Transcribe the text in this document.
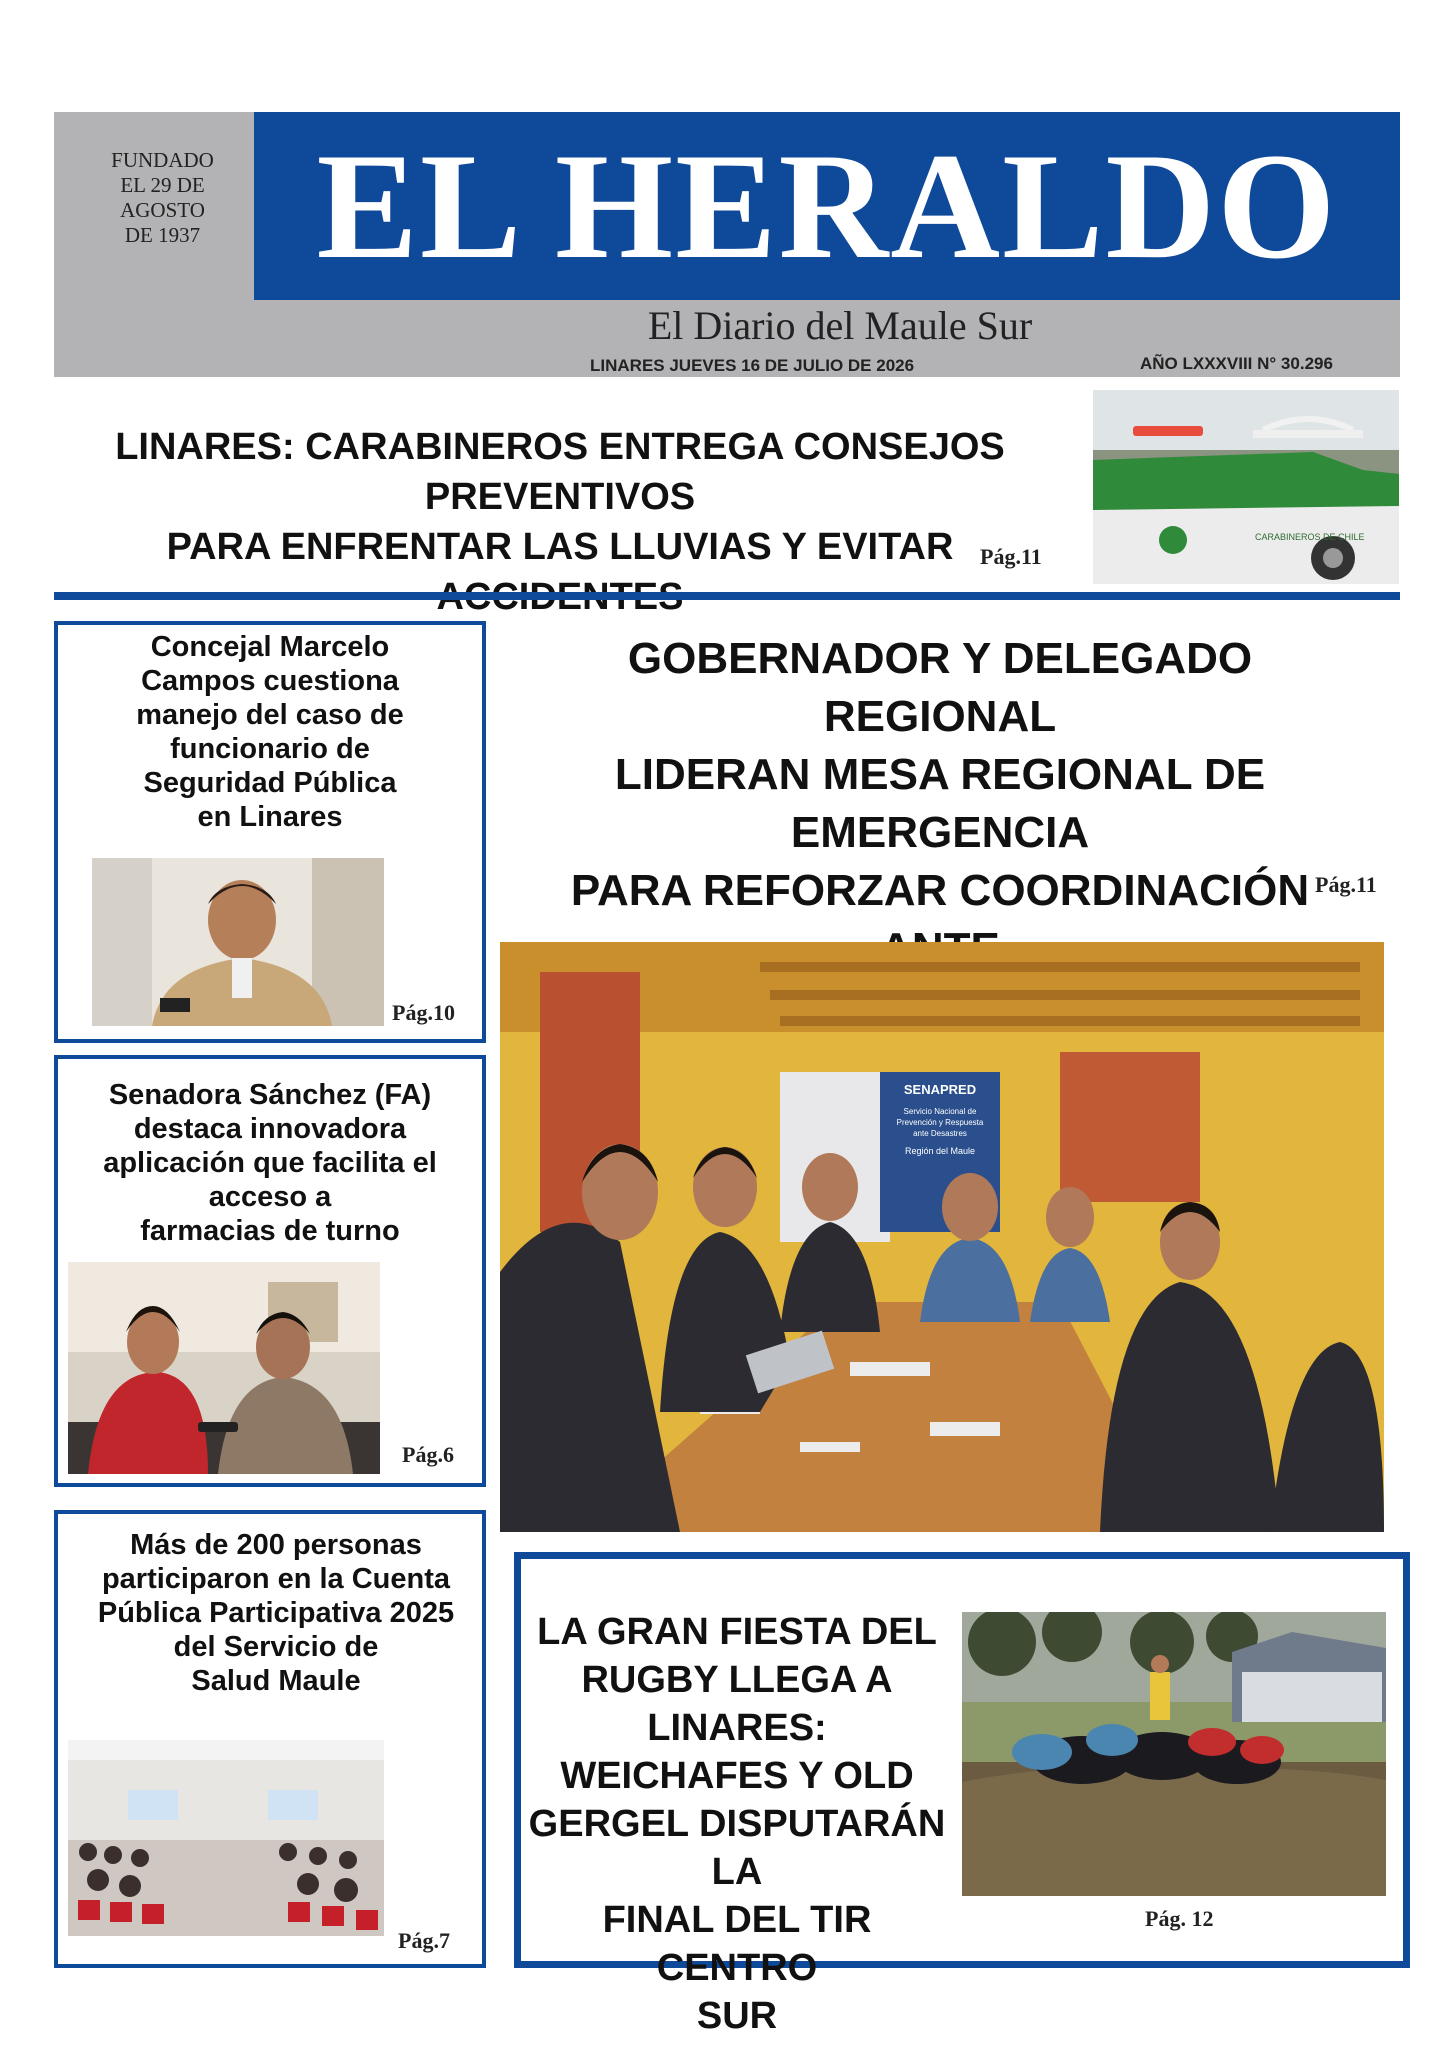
FUNDADO
EL 29 DE
AGOSTO
DE 1937 EL HERALDO
El Diario del Maule Sur
LINARES JUEVES 16 DE JULIO DE 2026	AÑO LXXXVIII N° 30.296
LINARES: CARABINEROS ENTREGA CONSEJOS PREVENTIVOS
PARA ENFRENTAR LAS LLUVIAS Y EVITAR	Pág.11
CARABINEROS DE CHILE
Concejal Marcelo
Campos cuestiona
manejo del caso de
funcionario de
Seguridad Pública
en Linares
Pág.10
Senadora Sánchez (FA)
destaca innovadora
aplicación que facilita el
acceso a
farmacias de turno
Pág.6
Más de 200 personas
participaron en la Cuenta
Pública Participativa 2025
del Servicio de
Salud Maule
Pág.7
GOBERNADOR Y DELEGADO REGIONAL
LIDERAN MESA REGIONAL DE EMERGENCIA
PARA REFORZAR COORDINACIÓN Pág.11
SENAPRED
Servicio Nacional de
Prevención y Respuesta
ante Desastres
Región del Maule
LA GRAN FIESTA DEL
RUGBY LLEGA A LINARES:
WEICHAFES Y OLD
GERGEL DISPUTARÁN LA
FINAL DEL TIR CENTRO
SUR
Pág. 12
